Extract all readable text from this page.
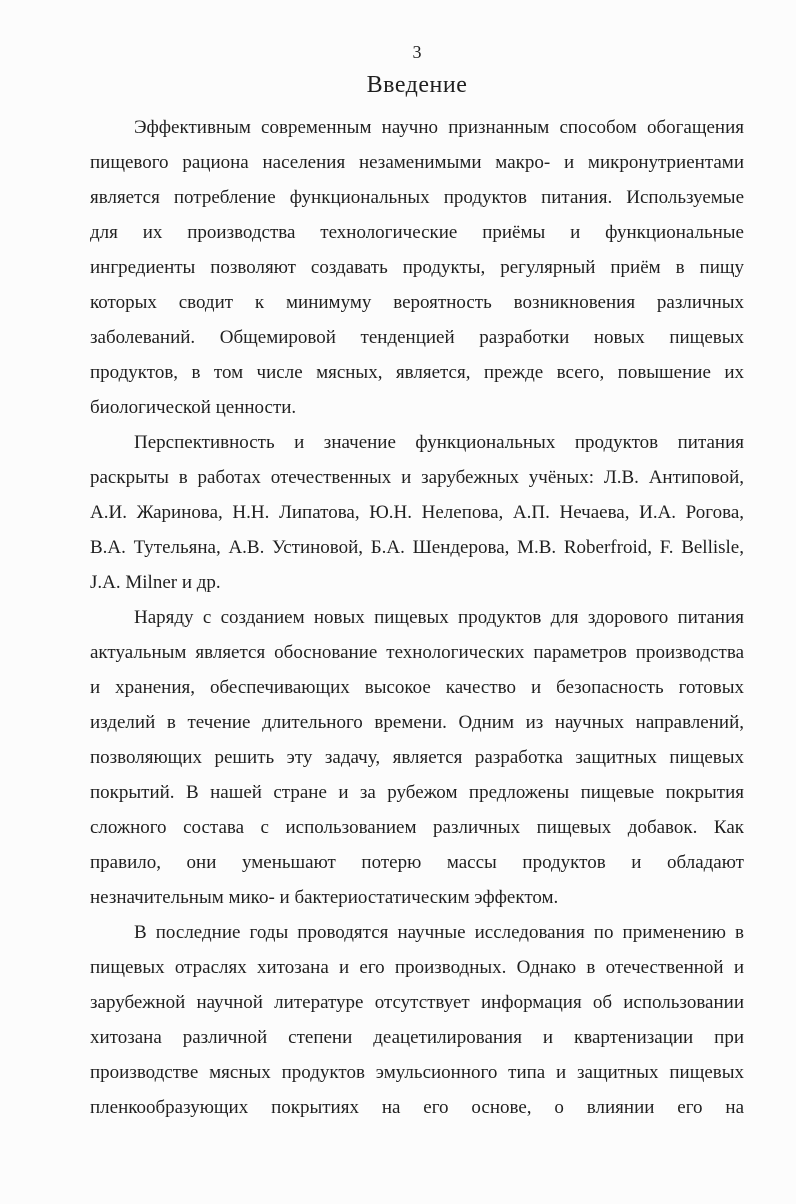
3
Введение
Эффективным современным научно признанным способом обогащения
пищевого рациона населения незаменимыми макро- и микронутриентами
является потребление функциональных продуктов питания. Используемые
для их производства технологические приёмы и функциональные
ингредиенты позволяют создавать продукты, регулярный приём в пищу
которых сводит к минимуму вероятность возникновения различных
заболеваний. Общемировой тенденцией разработки новых пищевых
продуктов, в том числе мясных, является, прежде всего, повышение их
биологической ценности.
Перспективность и значение функциональных продуктов питания
раскрыты в работах отечественных и зарубежных учёных: Л.В. Антиповой,
А.И. Жаринова, Н.Н. Липатова, Ю.Н. Нелепова, А.П. Нечаева, И.А. Рогова,
В.А. Тутельяна, А.В. Устиновой, Б.А. Шендерова, M.B. Roberfroid, F. Bellisle,
J.A. Milner и др.
Наряду с созданием новых пищевых продуктов для здорового питания
актуальным является обоснование технологических параметров производства
и хранения, обеспечивающих высокое качество и безопасность готовых
изделий в течение длительного времени. Одним из научных направлений,
позволяющих решить эту задачу, является разработка защитных пищевых
покрытий. В нашей стране и за рубежом предложены пищевые покрытия
сложного состава с использованием различных пищевых добавок. Как
правило, они уменьшают потерю массы продуктов и обладают
незначительным мико- и бактериостатическим эффектом.
В последние годы проводятся научные исследования по применению в
пищевых отраслях хитозана и его производных. Однако в отечественной и
зарубежной научной литературе отсутствует информация об использовании
хитозана различной степени деацетилирования и квартенизации при
производстве мясных продуктов эмульсионного типа и защитных пищевых
пленкообразующих покрытиях на его основе, о влиянии его на
